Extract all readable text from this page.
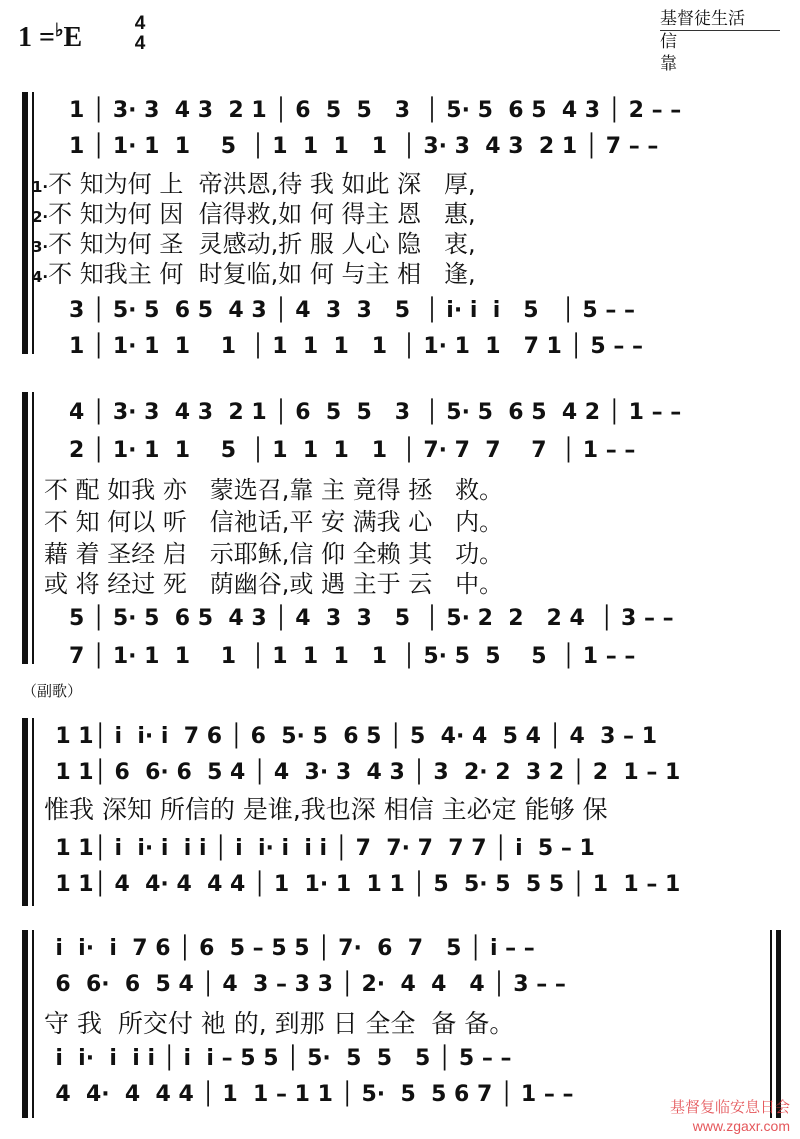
1 =♭E	4
4
基督徒生活
信靠
1 │ 3· 3  4 3  2 1 │ 6  5  5   3  │ 5· 5  6 5  4 3 │ 2 – –
1 │ 1· 1  1    5  │ 1  1  1   1  │ 3· 3  4 3  2 1 │ 7 – –
1·不 知为何 上  帝洪恩,待 我 如此 深   厚,
2·不 知为何 因  信得救,如 何 得主 恩   惠,
3·不 知为何 圣  灵感动,折 服 人心 隐   衷,
4·不 知我主 何  时复临,如 何 与主 相   逢,
3 │ 5· 5  6 5  4 3 │ 4  3  3   5  │ i· i  i   5   │ 5 – –
1 │ 1· 1  1    1  │ 1  1  1   1  │ 1· 1  1   7 1 │ 5 – –
4 │ 3· 3  4 3  2 1 │ 6  5  5   3  │ 5· 5  6 5  4 2 │ 1 – –
2 │ 1· 1  1    5  │ 1  1  1   1  │ 7· 7  7    7  │ 1 – –
不 配 如我 亦   蒙选召,靠 主 竟得 拯   救。
不 知 何以 听   信祂话,平 安 满我 心   内。
藉 着 圣经 启   示耶稣,信 仰 全赖 其   功。
或 将 经过 死   荫幽谷,或 遇 主于 云   中。
5 │ 5· 5  6 5  4 3 │ 4  3  3   5  │ 5· 2  2   2 4  │ 3 – –
7 │ 1· 1  1    1  │ 1  1  1   1  │ 5· 5  5    5  │ 1 – –
（副歌）
1 1│ i  i· i  7 6 │ 6  5· 5  6 5 │ 5  4· 4  5 4 │ 4  3 – 1
1 1│ 6  6· 6  5 4 │ 4  3· 3  4 3 │ 3  2· 2  3 2 │ 2  1 – 1
惟我 深知 所信的 是谁,我也深 相信 主必定 能够 保
1 1│ i  i· i  i i │ i  i· i  i i │ 7  7· 7  7 7 │ i  5 – 1
1 1│ 4  4· 4  4 4 │ 1  1· 1  1 1 │ 5  5· 5  5 5 │ 1  1 – 1
i  i·  i  7 6 │ 6  5 – 5 5 │ 7·  6  7   5 │ i – –
6  6·  6  5 4 │ 4  3 – 3 3 │ 2·  4  4   4 │ 3 – –
守 我  所交付 祂 的, 到那 日 全全  备 备。
i  i·  i  i i │ i  i – 5 5 │ 5·  5  5   5 │ 5 – –
4  4·  4  4 4 │ 1  1 – 1 1 │ 5·  5  5 6 7 │ 1 – –
基督复临安息日会
www.zgaxr.com
